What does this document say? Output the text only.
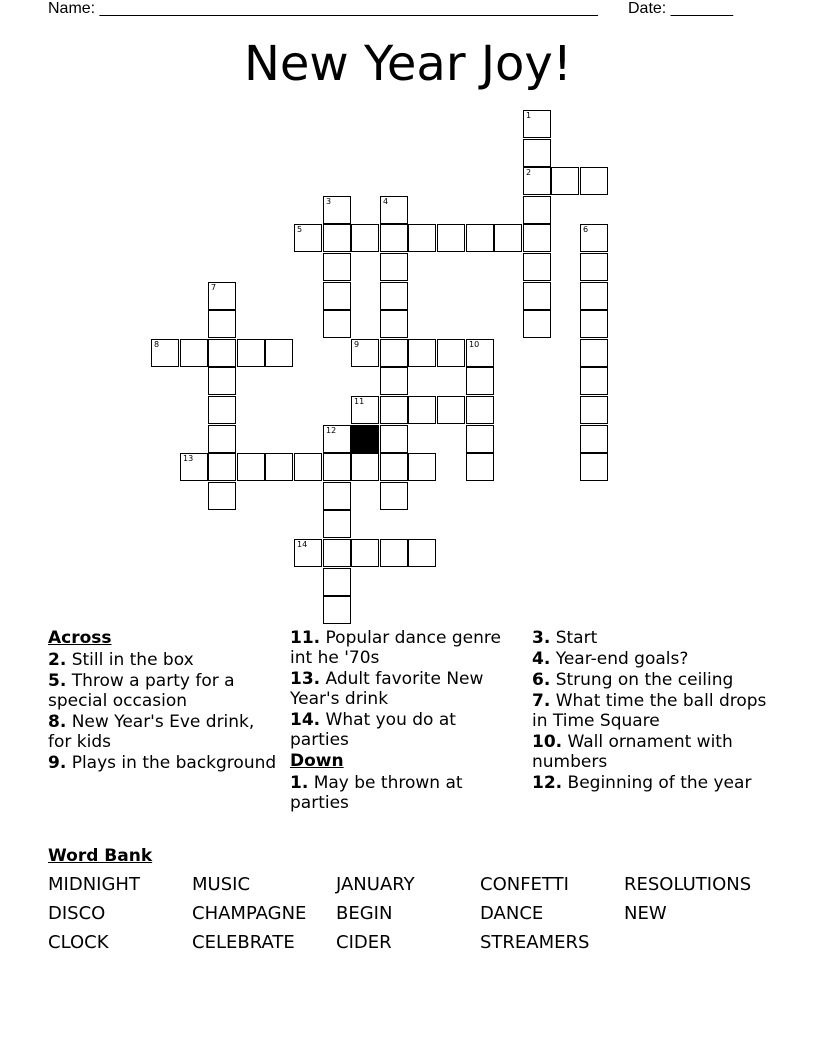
Name: ________________________________________________________ Date: _______
New Year Joy!
1
2
3	4
5	6
7
8	9	10
11
12
13
14
Across
2. Still in the box
5. Throw a party for a special occasion
8. New Year's Eve drink, for kids
9. Plays in the background
11. Popular dance genre int he '70s
13. Adult favorite New Year's drink
14. What you do at parties
Down
1. May be thrown at parties
3. Start
4. Year-end goals?
6. Strung on the ceiling
7. What time the ball drops in Time Square
10. Wall ornament with numbers
12. Beginning of the year
Word Bank
MIDNIGHT	MUSIC	JANUARY	CONFETTI	RESOLUTIONS
DISCO	CHAMPAGNE	BEGIN	DANCE	NEW
CLOCK	CELEBRATE	CIDER	STREAMERS
